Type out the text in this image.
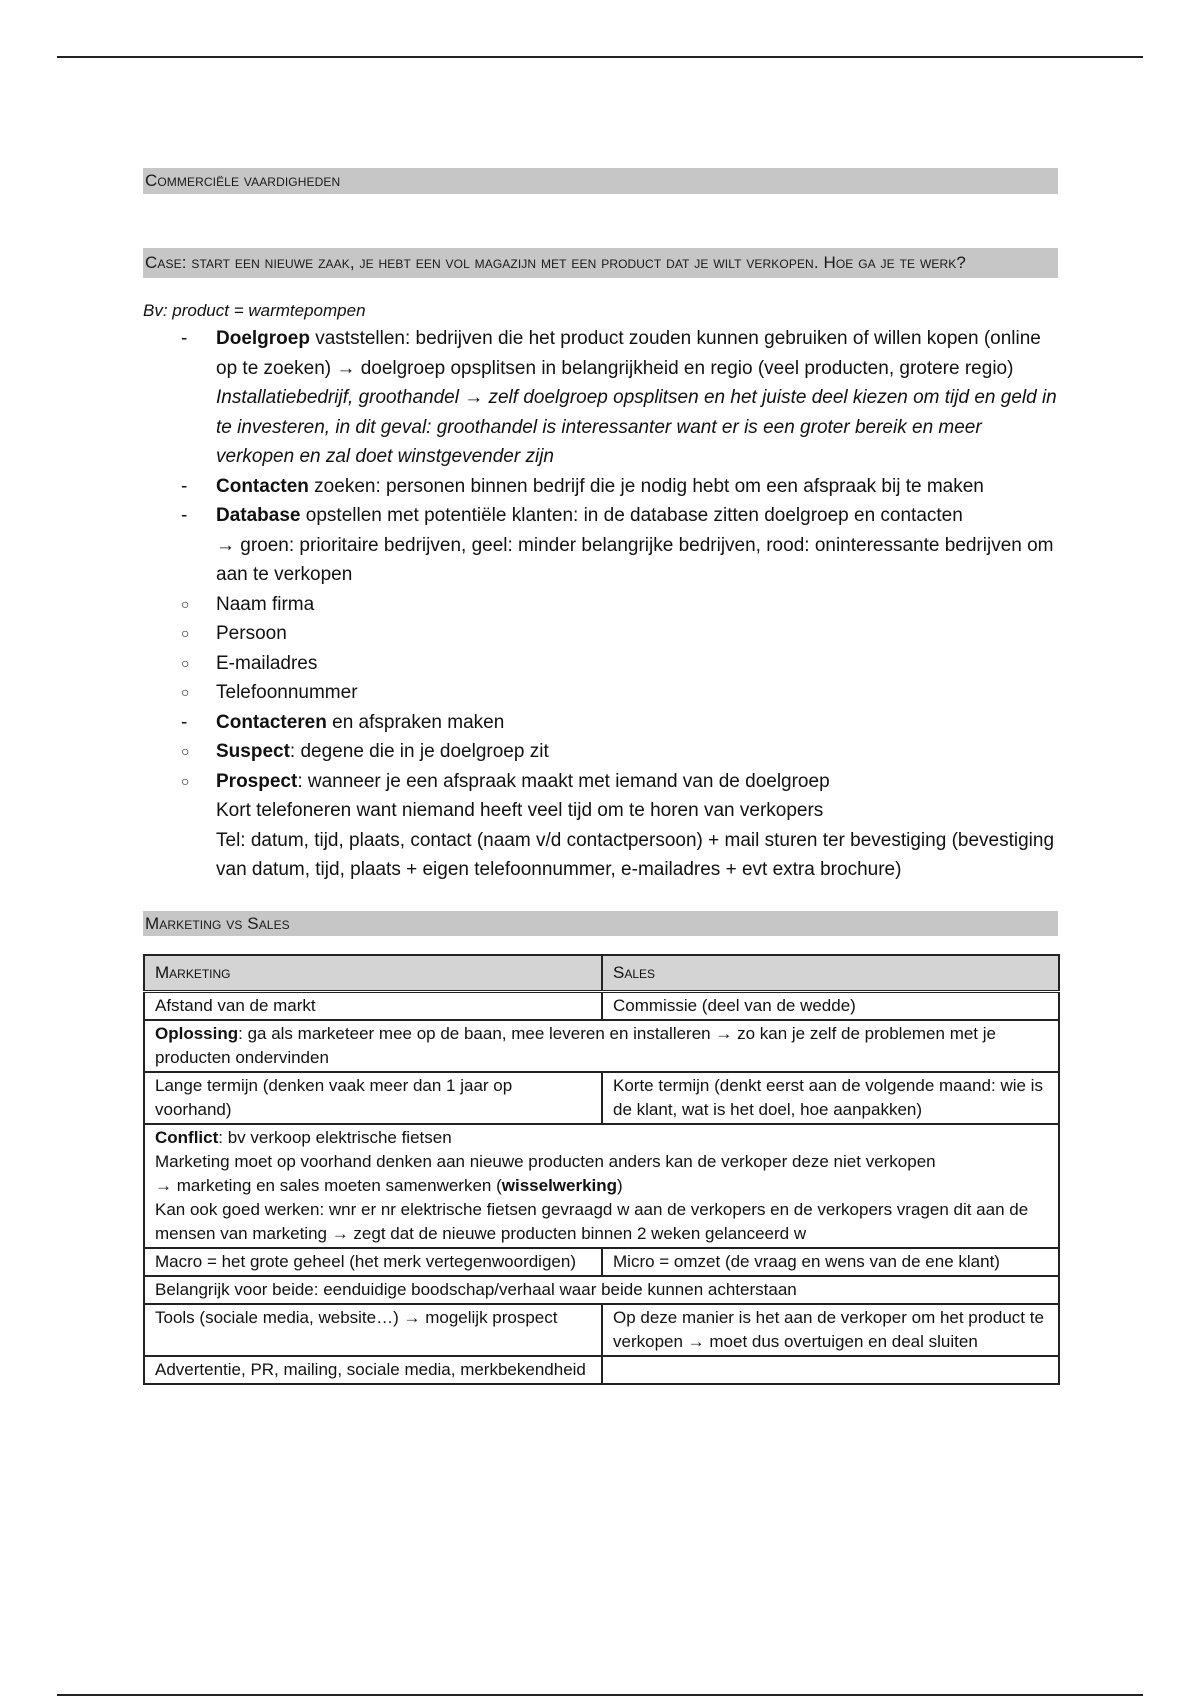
Commerciële vaardigheden
Case: start een nieuwe zaak, je hebt een vol magazijn met een product dat je wilt verkopen. Hoe ga je te werk?
Bv: product = warmtepompen
- Doelgroep vaststellen: bedrijven die het product zouden kunnen gebruiken of willen kopen (online op te zoeken) → doelgroep opsplitsen in belangrijkheid en regio (veel producten, grotere regio)
Installatiebedrijf, groothandel → zelf doelgroep opsplitsen en het juiste deel kiezen om tijd en geld in te investeren, in dit geval: groothandel is interessanter want er is een groter bereik en meer verkopen en zal doet winstgevender zijn
- Contacten zoeken: personen binnen bedrijf die je nodig hebt om een afspraak bij te maken
- Database opstellen met potentiële klanten: in de database zitten doelgroep en contacten
→ groen: prioritaire bedrijven, geel: minder belangrijke bedrijven, rood: oninteressante bedrijven om aan te verkopen
○ Naam firma
○ Persoon
○ E-mailadres
○ Telefoonnummer
- Contacteren en afspraken maken
○ Suspect: degene die in je doelgroep zit
○ Prospect: wanneer je een afspraak maakt met iemand van de doelgroep
Kort telefoneren want niemand heeft veel tijd om te horen van verkopers
Tel: datum, tijd, plaats, contact (naam v/d contactpersoon) + mail sturen ter bevestiging (bevestiging van datum, tijd, plaats + eigen telefoonnummer, e-mailadres + evt extra brochure)
Marketing vs Sales
Marketing	Sales
Afstand van de markt	Commissie (deel van de wedde)
Oplossing: ga als marketeer mee op de baan, mee leveren en installeren → zo kan je zelf de problemen met je producten ondervinden	
Lange termijn (denken vaak meer dan 1 jaar op voorhand)	Korte termijn (denkt eerst aan de volgende maand: wie is de klant, wat is het doel, hoe aanpakken)

Conflict: bv verkoop elektrische fietsen
Marketing moet op voorhand denken aan nieuwe producten anders kan de verkoper deze niet verkopen
→ marketing en sales moeten samenwerken (wisselwerking)
Kan ook goed werken: wnr er nr elektrische fietsen gevraagd w aan de verkopers en de verkopers vragen dit aan de mensen van marketing → zegt dat de nieuwe producten binnen 2 weken gelanceerd w	

Macro = het grote geheel (het merk vertegenwoordigen)	Micro = omzet (de vraag en wens van de ene klant)
Belangrijk voor beide: eenduidige boodschap/verhaal waar beide kunnen achterstaan	
Tools (sociale media, website…) → mogelijk prospect	Op deze manier is het aan de verkoper om het product te verkopen → moet dus overtuigen en deal sluiten
Advertentie, PR, mailing, sociale media, merkbekendheid	
